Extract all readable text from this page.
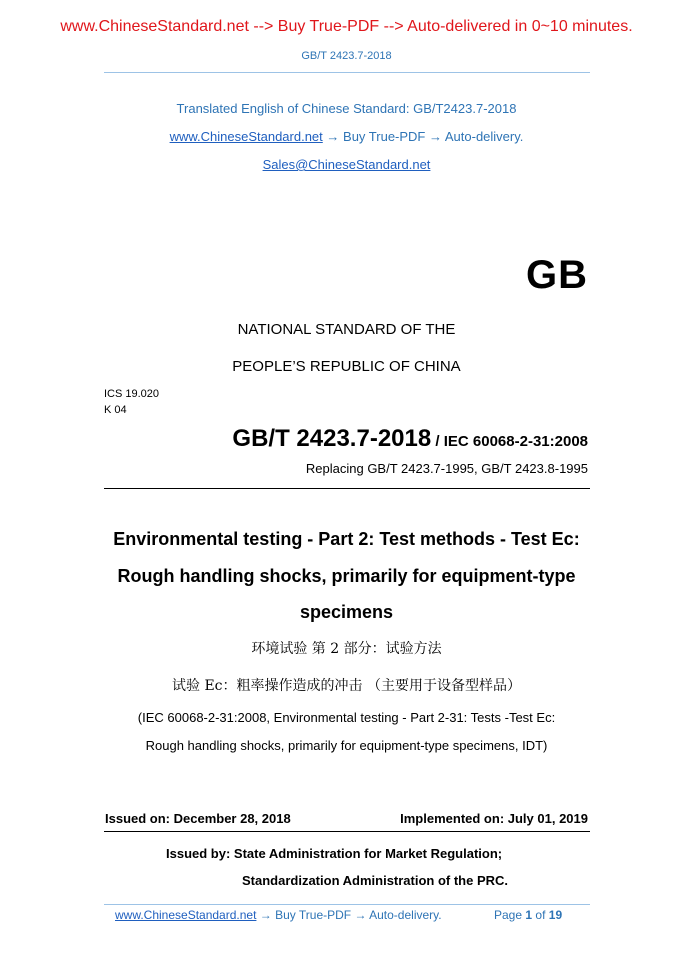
www.ChineseStandard.net --> Buy True-PDF --> Auto-delivered in 0~10 minutes.
GB/T 2423.7-2018
Translated English of Chinese Standard: GB/T2423.7-2018
www.ChineseStandard.net → Buy True-PDF → Auto-delivery.
Sales@ChineseStandard.net
GB
NATIONAL STANDARD OF THE
PEOPLE’S REPUBLIC OF CHINA
ICS 19.020
K 04
GB/T 2423.7-2018 / IEC 60068-2-31:2008
Replacing GB/T 2423.7-1995, GB/T 2423.8-1995
Environmental testing - Part 2: Test methods - Test Ec:
Rough handling shocks, primarily for equipment-type
specimens
环境试验 第 2 部分：试验方法
试验 Ec：粗率操作造成的冲击 （主要用于设备型样品）
(IEC 60068-2-31:2008, Environmental testing - Part 2-31: Tests -Test Ec:
Rough handling shocks, primarily for equipment-type specimens, IDT)
Issued on: December 28, 2018	Implemented on: July 01, 2019
Issued by: State Administration for Market Regulation;
Standardization Administration of the PRC.
www.ChineseStandard.net → Buy True-PDF → Auto-delivery.	Page 1 of 19
